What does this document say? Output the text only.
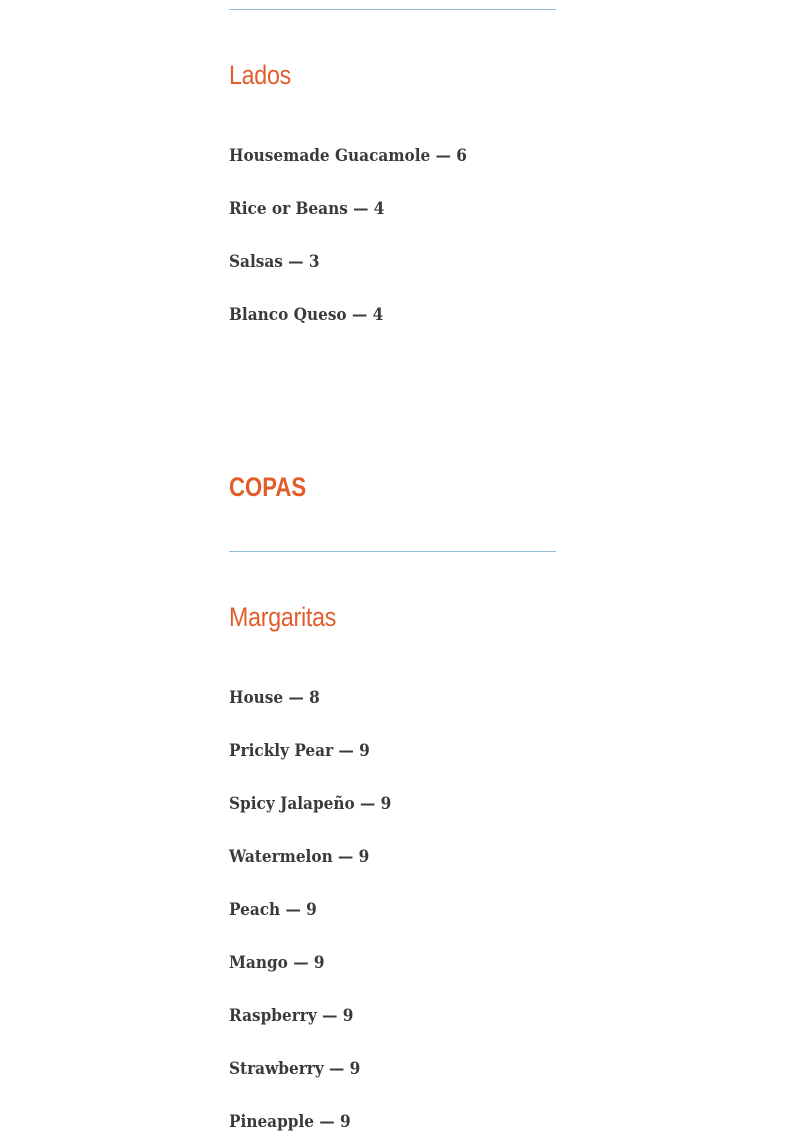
Lados

Housemade Guacamole — 6

Rice or Beans — 4

Salsas — 3

Blanco Queso — 4

COPAS
Margaritas

House — 8

Prickly Pear — 9

Spicy Jalapeño — 9

Watermelon — 9

Peach — 9

Mango — 9

Raspberry — 9

Strawberry — 9

Pineapple — 9
